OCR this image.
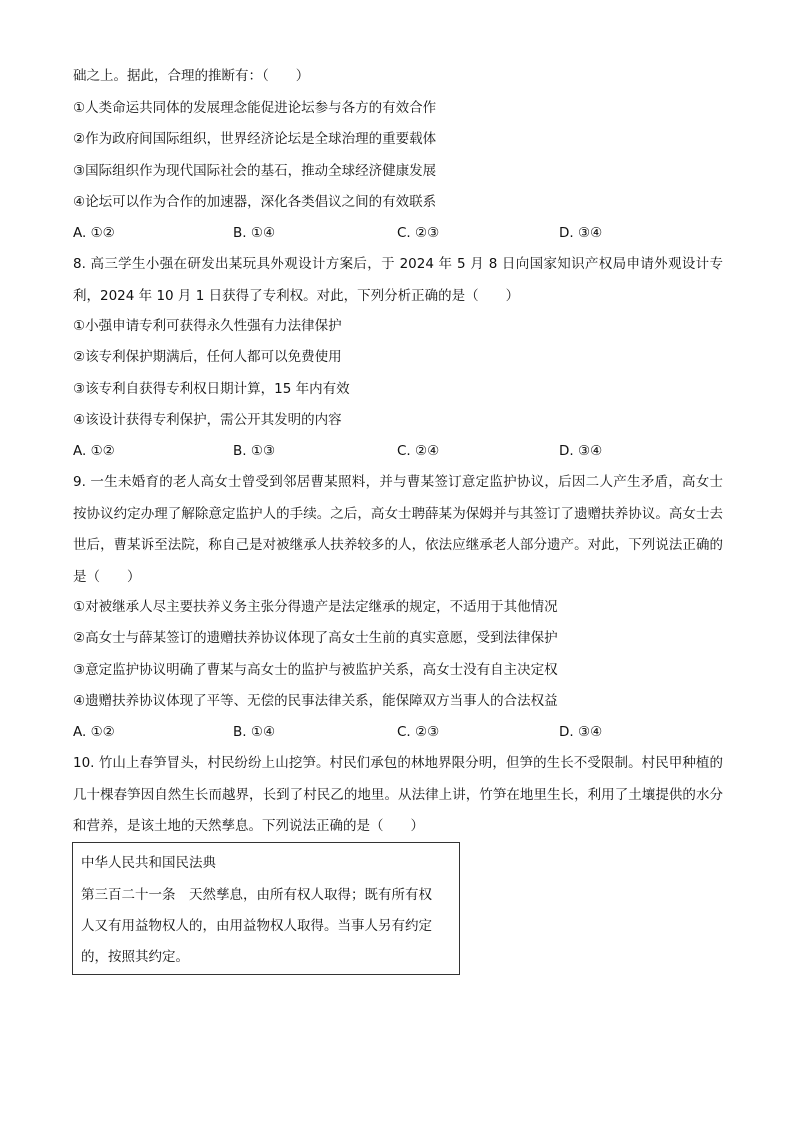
础之上。据此，合理的推断有：（　　）
①人类命运共同体的发展理念能促进论坛参与各方的有效合作
②作为政府间国际组织，世界经济论坛是全球治理的重要载体
③国际组织作为现代国际社会的基石，推动全球经济健康发展
④论坛可以作为合作的加速器，深化各类倡议之间的有效联系
A. ①②	B. ①④	C. ②③	D. ③④
8. 高三学生小强在研发出某玩具外观设计方案后，于 2024 年 5 月 8 日向国家知识产权局申请外观设计专利，2024 年 10 月 1 日获得了专利权。对此，下列分析正确的是（　　）
①小强申请专利可获得永久性强有力法律保护
②该专利保护期满后，任何人都可以免费使用
③该专利自获得专利权日期计算，15 年内有效
④该设计获得专利保护，需公开其发明的内容
A. ①②	B. ①③	C. ②④	D. ③④
9. 一生未婚育的老人高女士曾受到邻居曹某照料，并与曹某签订意定监护协议，后因二人产生矛盾，高女士按协议约定办理了解除意定监护人的手续。之后，高女士聘薛某为保姆并与其签订了遗赠扶养协议。高女士去世后，曹某诉至法院，称自己是对被继承人扶养较多的人，依法应继承老人部分遗产。对此，下列说法正确的是（　　）
①对被继承人尽主要扶养义务主张分得遗产是法定继承的规定，不适用于其他情况
②高女士与薛某签订的遗赠扶养协议体现了高女士生前的真实意愿，受到法律保护
③意定监护协议明确了曹某与高女士的监护与被监护关系，高女士没有自主决定权
④遗赠扶养协议体现了平等、无偿的民事法律关系，能保障双方当事人的合法权益
A. ①②	B. ①④	C. ②③	D. ③④
10. 竹山上春笋冒头，村民纷纷上山挖笋。村民们承包的林地界限分明，但笋的生长不受限制。村民甲种植的几十棵春笋因自然生长而越界，长到了村民乙的地里。从法律上讲，竹笋在地里生长，利用了土壤提供的水分和营养，是该土地的天然孳息。下列说法正确的是（　　）
中华人民共和国民法典
第三百二十一条　天然孳息，由所有权人取得；既有所有权
人又有用益物权人的，由用益物权人取得。当事人另有约定
的，按照其约定。
